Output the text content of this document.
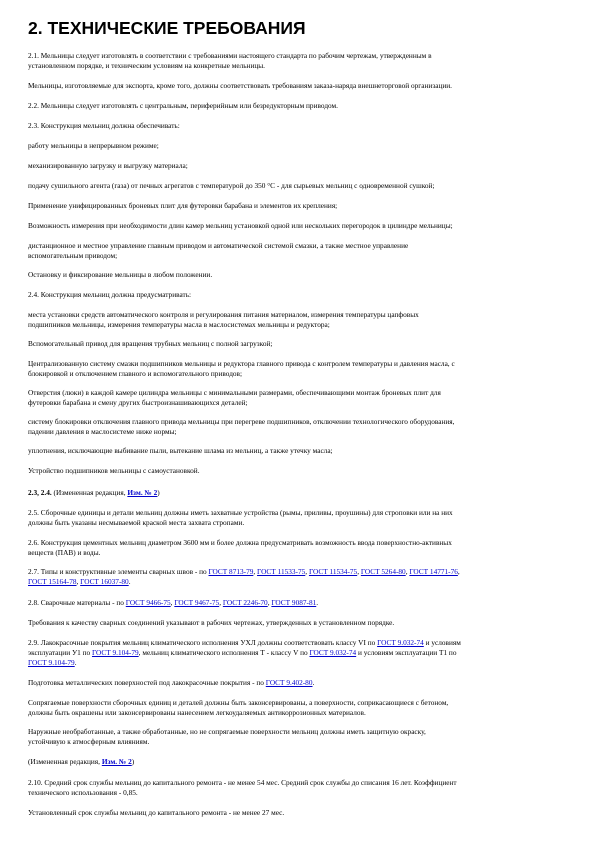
2. ТЕХНИЧЕСКИЕ ТРЕБОВАНИЯ
2.1. Мельницы следует изготовлять в соответствии с требованиями настоящего стандарта по рабочим чертежам, утвержденным в
установленном порядке, и техническим условиям на конкретные мельницы.
Мельницы, изготовляемые для экспорта, кроме того, должны соответствовать требованиям заказа-наряда внешнеторговой организации.
2.2. Мельницы следует изготовлять с центральным, периферийным или безредукторным приводом.
2.3. Конструкция мельниц должна обеспечивать:
работу мельницы в непрерывном режиме;
механизированную загрузку и выгрузку материала;
подачу сушильного агента (газа) от печных агрегатов с температурой до 350 °С - для сырьевых мельниц с одновременной сушкой;
Применение унифицированных броневых плит для футеровки барабана и элементов их крепления;
Возможность измерения при необходимости длин камер мельниц установкой одной или нескольких перегородок в цилиндре мельницы;
дистанционное и местное управление главным приводом и автоматической системой смазки, а также местное управление
вспомогательным приводом;
Остановку и фиксирование мельницы в любом положении.
2.4. Конструкция мельниц должна предусматривать:
места установки средств автоматического контроля и регулирования питания материалом, измерения температуры цапфовых
подшипников мельницы, измерения температуры масла в маслосистемах мельницы и редуктора;
Вспомогательный привод для вращения трубных мельниц с полной загрузкой;
Централизованную систему смазки подшипников мельницы и редуктора главного привода с контролем температуры и давления масла, с
блокировкой и отключением главного и вспомогательного приводов;
Отверстия (люки) в каждой камере цилиндра мельницы с минимальными размерами, обеспечивающими монтаж броневых плит для
футеровки барабана и смену других быстроизнашивающихся деталей;
систему блокировки отключения главного привода мельницы при перегреве подшипников, отключении технологического оборудования,
падении давления в маслосистеме ниже нормы;
уплотнения, исключающие выбивание пыли, вытекание шлама из мельниц, а также утечку масла;
Устройство подшипников мельницы с самоустановкой.
2.3, 2.4. (Измененная редакция, Изм. № 2)
2.5. Сборочные единицы и детали мельниц должны иметь захватные устройства (рымы, приливы, проушины) для строповки или на них
должны быть указаны несмываемой краской места захвата стропами.
2.6. Конструкция цементных мельниц диаметром 3600 мм и более должна предусматривать возможность ввода поверхностно-активных
веществ (ПАВ) и воды.
2.7. Типы и конструктивные элементы сварных швов - по ГОСТ 8713-79, ГОСТ 11533-75, ГОСТ 11534-75, ГОСТ 5264-80, ГОСТ 14771-76,
ГОСТ 15164-78, ГОСТ 16037-80.
2.8. Сварочные материалы - по ГОСТ 9466-75, ГОСТ 9467-75, ГОСТ 2246-70, ГОСТ 9087-81.
Требования к качеству сварных соединений указывают в рабочих чертежах, утвержденных в установленном порядке.
2.9. Лакокрасочные покрытия мельниц климатического исполнения УХЛ должны соответствовать классу VI по ГОСТ 9.032-74 и условиям
эксплуатации У1 по ГОСТ 9.104-79, мельниц климатического исполнения Т - классу V по ГОСТ 9.032-74 и условиям эксплуатации Т1 по
ГОСТ 9.104-79.
Подготовка металлических поверхностей под лакокрасочные покрытия - по ГОСТ 9.402-80.
Сопрягаемые поверхности сборочных единиц и деталей должны быть законсервированы, а поверхности, соприкасающиеся с бетоном,
должны быть окрашены или законсервированы нанесением легкоудаляемых антикоррозионных материалов.
Наружные необработанные, а также обработанные, но не сопрягаемые поверхности мельниц должны иметь защитную окраску,
устойчивую к атмосферным влияниям.
(Измененная редакция, Изм. № 2)
2.10. Средний срок службы мельниц до капитального ремонта - не менее 54 мес. Средний срок службы до списания 16 лет. Коэффициент
технического использования - 0,85.
Установленный срок службы мельниц до капитального ремонта - не менее 27 мес.
